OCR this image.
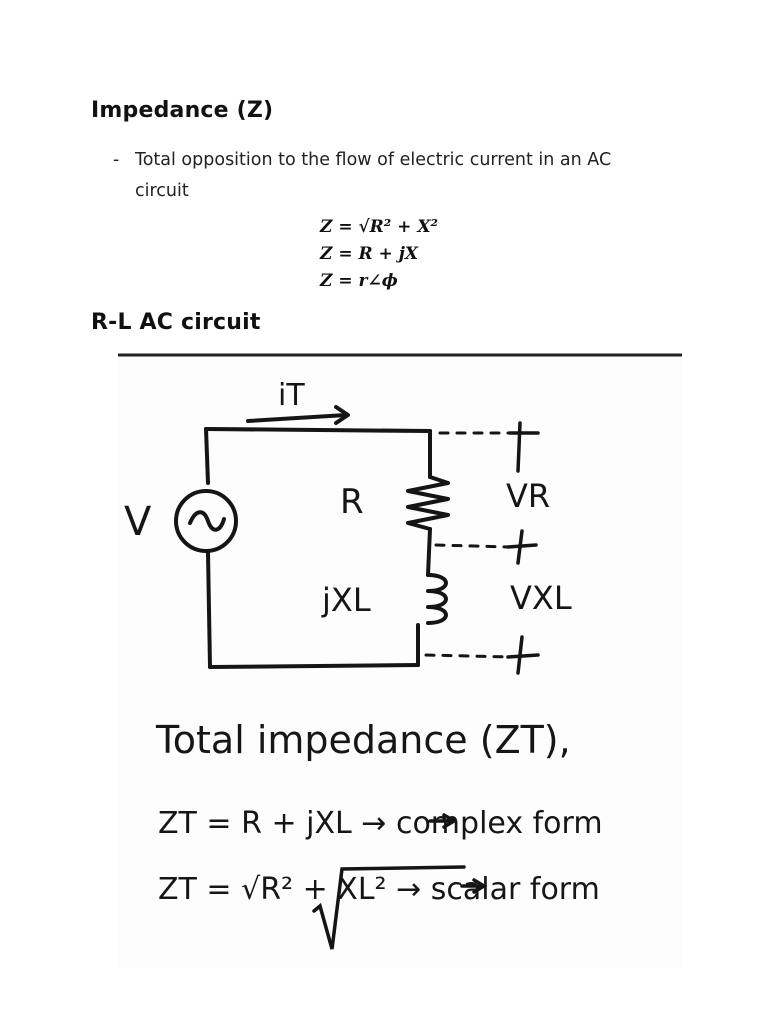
Impedance (Z)
- Total opposition to the flow of electric current in an AC circuit
Z = √R² + X²
Z = R + jX
Z = r∠ϕ
R-L AC circuit
iT
V	R
jXL
VR
VXL
Total impedance (ZT),
ZT = R + jXL → complex form
ZT = √R² + XL² → scalar form
